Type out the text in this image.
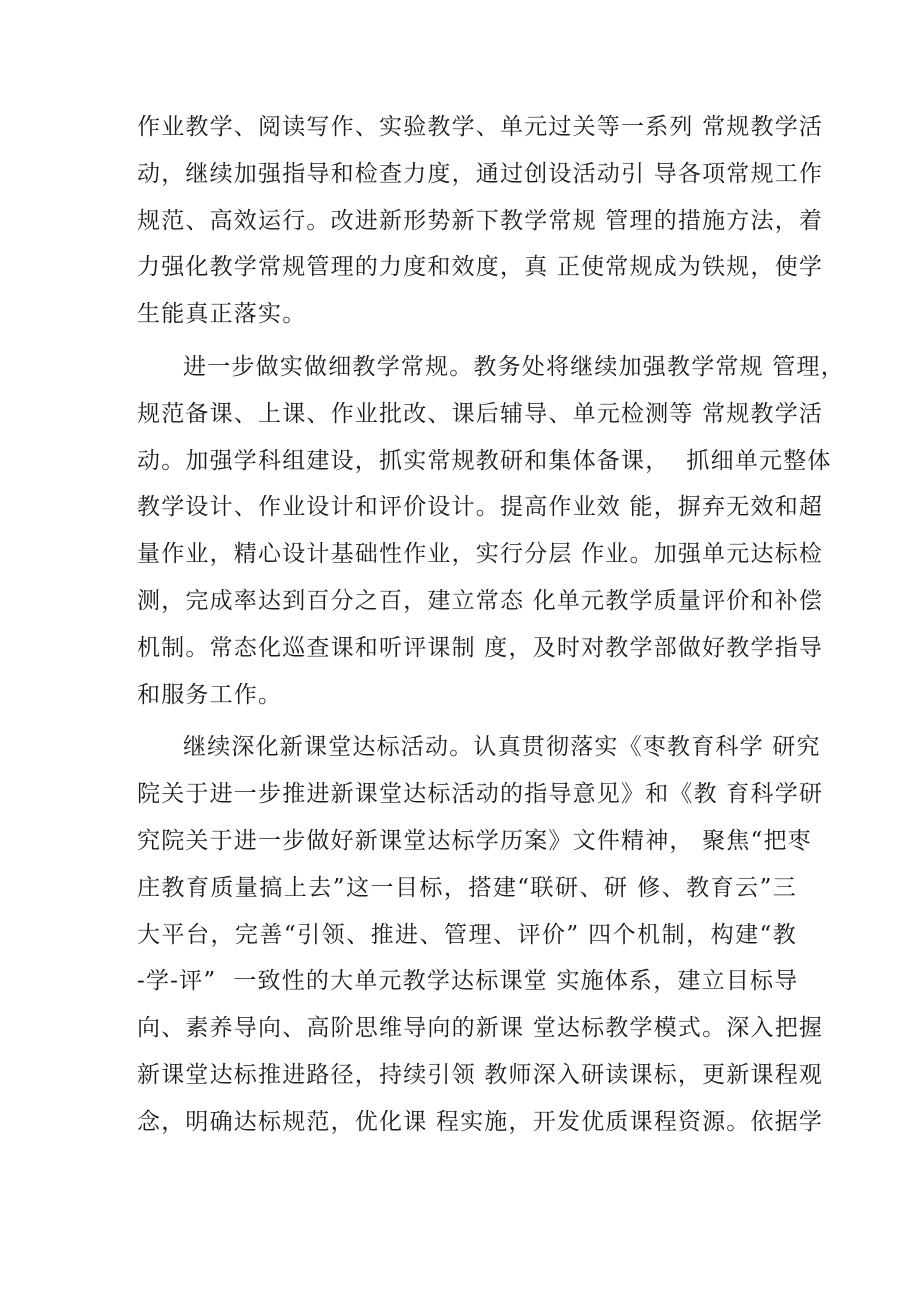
作业教学、阅读写作、实验教学、单元过关等一系列 常规教学活
动，继续加强指导和检查力度，通过创设活动引 导各项常规工作
规范、高效运行。改进新形势新下教学常规 管理的措施方法，着
力强化教学常规管理的力度和效度，真 正使常规成为铁规，使学
生能真正落实。
进一步做实做细教学常规。教务处将继续加强教学常规 管理，
规范备课、上课、作业批改、课后辅导、单元检测等 常规教学活
动。加强学科组建设，抓实常规教研和集体备课，  抓细单元整体
教学设计、作业设计和评价设计。提高作业效 能，摒弃无效和超
量作业，精心设计基础性作业，实行分层 作业。加强单元达标检
测，完成率达到百分之百，建立常态 化单元教学质量评价和补偿
机制。常态化巡查课和听评课制 度，及时对教学部做好教学指导
和服务工作。
继续深化新课堂达标活动。认真贯彻落实《枣教育科学 研究
院关于进一步推进新课堂达标活动的指导意见》和《教 育科学研
究院关于进一步做好新课堂达标学历案》文件精神， 聚焦“把枣
庄教育质量搞上去”这一目标，搭建“联研、研 修、教育云”三
大平台，完善“引领、推进、管理、评价” 四个机制，构建“教
-学-评”  一致性的大单元教学达标课堂 实施体系，建立目标导
向、素养导向、高阶思维导向的新课 堂达标教学模式。深入把握
新课堂达标推进路径，持续引领 教师深入研读课标，更新课程观
念，明确达标规范，优化课 程实施，开发优质课程资源。依据学
